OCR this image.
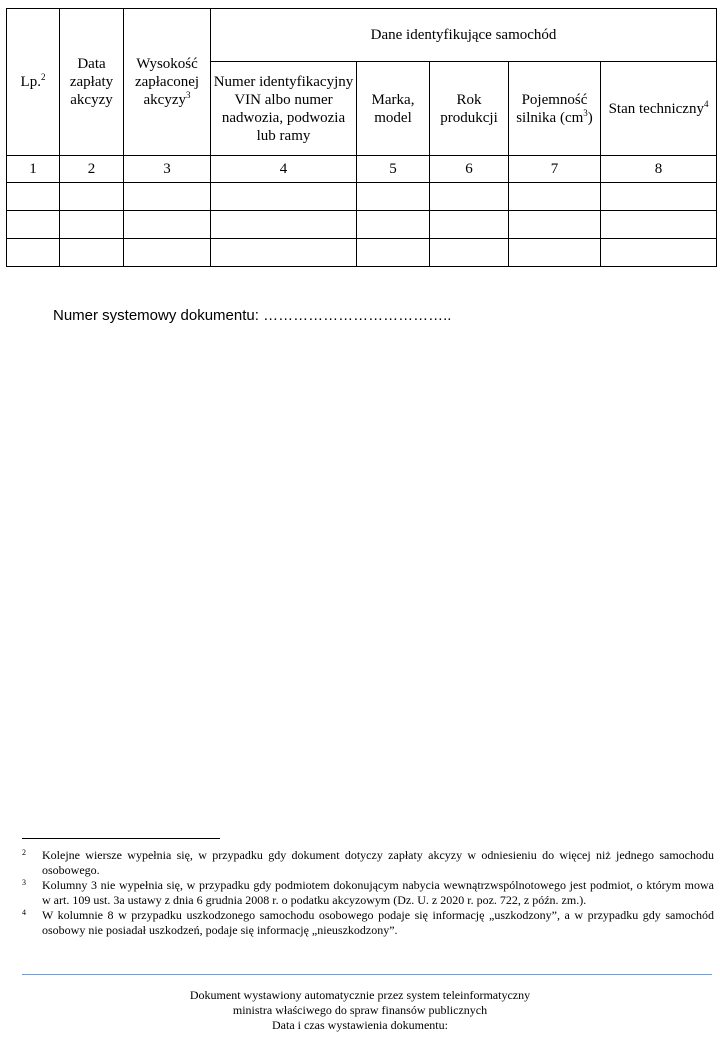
Lp.$^2$	Data zapłaty akcyzy	Wysokość zapłaconej akcyzy$^3$	Dane identyfikujące samochód				
			Numer identyfikacyjny VIN albo numer nadwozia, podwozia lub ramy	Marka, model	Rok produkcji	Pojemność silnika $(cm^3)$	Stan techniczny$^4$
1	2	3	4	5	6	7	8

Numer systemowy dokumentu: ………………………………..
2	Kolejne wiersze wypełnia się, w przypadku gdy dokument dotyczy zapłaty akcyzy w odniesieniu do więcej niż jednego samochodu osobowego.
3	Kolumny 3 nie wypełnia się, w przypadku gdy podmiotem dokonującym nabycia wewnątrzwspólnotowego jest podmiot, o którym mowa w art. 109 ust. 3a ustawy z dnia 6 grudnia 2008 r. o podatku akcyzowym (Dz. U. z 2020 r. poz. 722, z późn. zm.).
4	W kolumnie 8 w przypadku uszkodzonego samochodu osobowego podaje się informację „uszkodzony”, a w przypadku gdy samochód osobowy nie posiadał uszkodzeń, podaje się informację „nieuszkodzony”.
Dokument wystawiony automatycznie przez system teleinformatyczny
ministra właściwego do spraw finansów publicznych
Data i czas wystawienia dokumentu:
